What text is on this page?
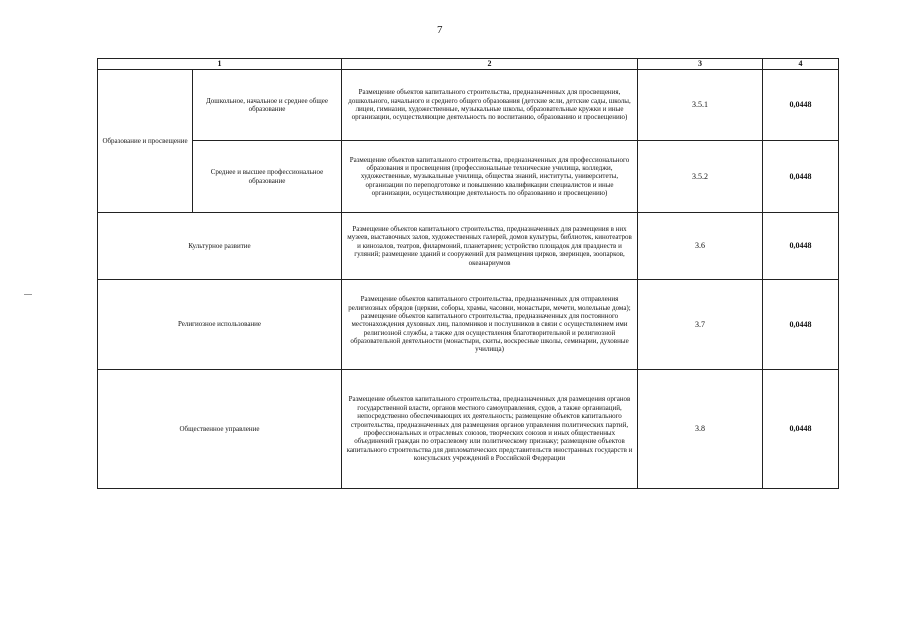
7
1		2	3	4
Образование и просвещение	Дошкольное, начальное и среднее общее образование	Размещение объектов капитального строительства, предназначенных для просвещения, дошкольного, начального и среднего общего образования (детские ясли, детские сады, школы, лицеи, гимназии, художественные, музыкальные школы, образовательные кружки и иные организации, осуществляющие деятельность по воспитанию, образованию и просвещению)	3.5.1	0,0448
	Среднее и высшее профессиональное образование	Размещение объектов капитального строительства, предназначенных для профессионального образования и просвещения (профессиональные технические училища, колледжи, художественные, музыкальные училища, общества знаний, институты, университеты, организации по переподготовке и повышению квалификации специалистов и иные организации, осуществляющие деятельность по образованию и просвещению)	3.5.2	0,0448
Культурное развитие		Размещение объектов капитального строительства, предназначенных для размещения в них музеев, выставочных залов, художественных галерей, домов культуры, библиотек, кинотеатров и кинозалов, театров, филармоний, планетариев; устройство площадок для празднеств и гуляний; размещение зданий и сооружений для размещения цирков, зверинцев, зоопарков, океанариумов	3.6	0,0448
Религиозное использование		Размещение объектов капитального строительства, предназначенных для отправления религиозных обрядов (церкви, соборы, храмы, часовни, монастыри, мечети, молельные дома); размещение объектов капитального строительства, предназначенных для постоянного местонахождения духовных лиц, паломников и послушников в связи с осуществлением ими религиозной службы, а также для осуществления благотворительной и религиозной образовательной деятельности (монастыри, скиты, воскресные школы, семинарии, духовные училища)	3.7	0,0448
Общественное управление		Размещение объектов капитального строительства, предназначенных для размещения органов государственной власти, органов местного самоуправления, судов, а также организаций, непосредственно обеспечивающих их деятельность; размещение объектов капитального строительства, предназначенных для размещения органов управления политических партий, профессиональных и отраслевых союзов, творческих союзов и иных общественных объединений граждан по отраслевому или политическому признаку; размещение объектов капитального строительства для дипломатических представительств иностранных государств и консульских учреждений в Российской Федерации	3.8	0,0448
